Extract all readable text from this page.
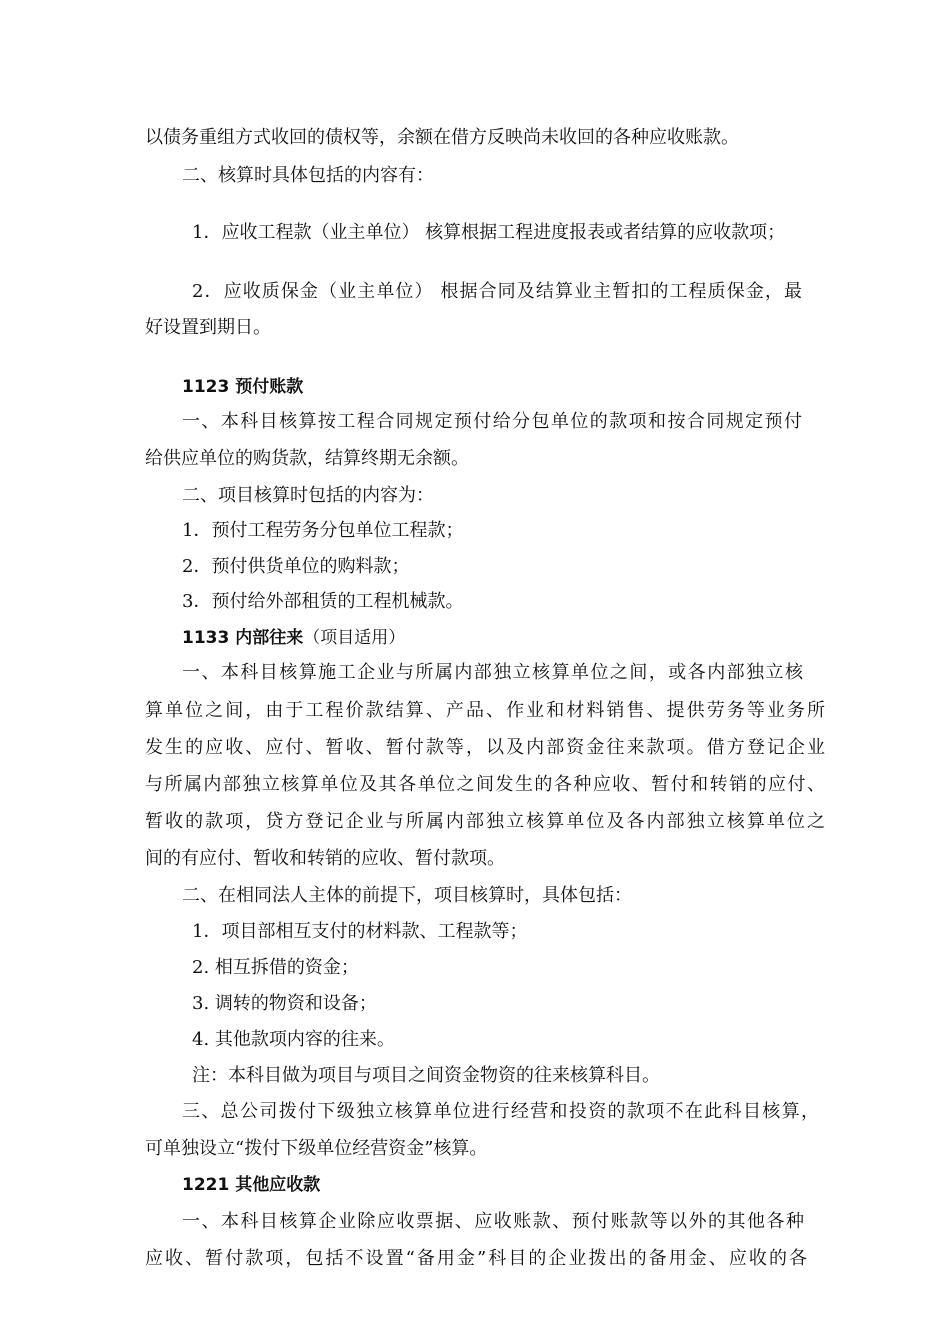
以债务重组方式收回的债权等，余额在借方反映尚未收回的各种应收账款。
二、核算时具体包括的内容有：
1．应收工程款（业主单位） 核算根据工程进度报表或者结算的应收款项；
2．应收质保金（业主单位） 根据合同及结算业主暂扣的工程质保金，最
好设置到期日。
1123 预付账款
一、本科目核算按工程合同规定预付给分包单位的款项和按合同规定预付
给供应单位的购货款，结算终期无余额。
二、项目核算时包括的内容为：
1．预付工程劳务分包单位工程款；
2．预付供货单位的购料款；
3．预付给外部租赁的工程机械款。
1133 内部往来（项目适用）
一、本科目核算施工企业与所属内部独立核算单位之间，或各内部独立核
算单位之间，由于工程价款结算、产品、作业和材料销售、提供劳务等业务所
发生的应收、应付、暂收、暂付款等，以及内部资金往来款项。借方登记企业
与所属内部独立核算单位及其各单位之间发生的各种应收、暂付和转销的应付、
暂收的款项，贷方登记企业与所属内部独立核算单位及各内部独立核算单位之
间的有应付、暂收和转销的应收、暂付款项。
二、在相同法人主体的前提下，项目核算时，具体包括：
1．项目部相互支付的材料款、工程款等；
2. 相互拆借的资金；
3. 调转的物资和设备；
4. 其他款项内容的往来。
注：本科目做为项目与项目之间资金物资的往来核算科目。
三、总公司拨付下级独立核算单位进行经营和投资的款项不在此科目核算，
可单独设立“拨付下级单位经营资金”核算。
1221 其他应收款
一、本科目核算企业除应收票据、应收账款、预付账款等以外的其他各种
应收、暂付款项，包括不设置“备用金”科目的企业拨出的备用金、应收的各
